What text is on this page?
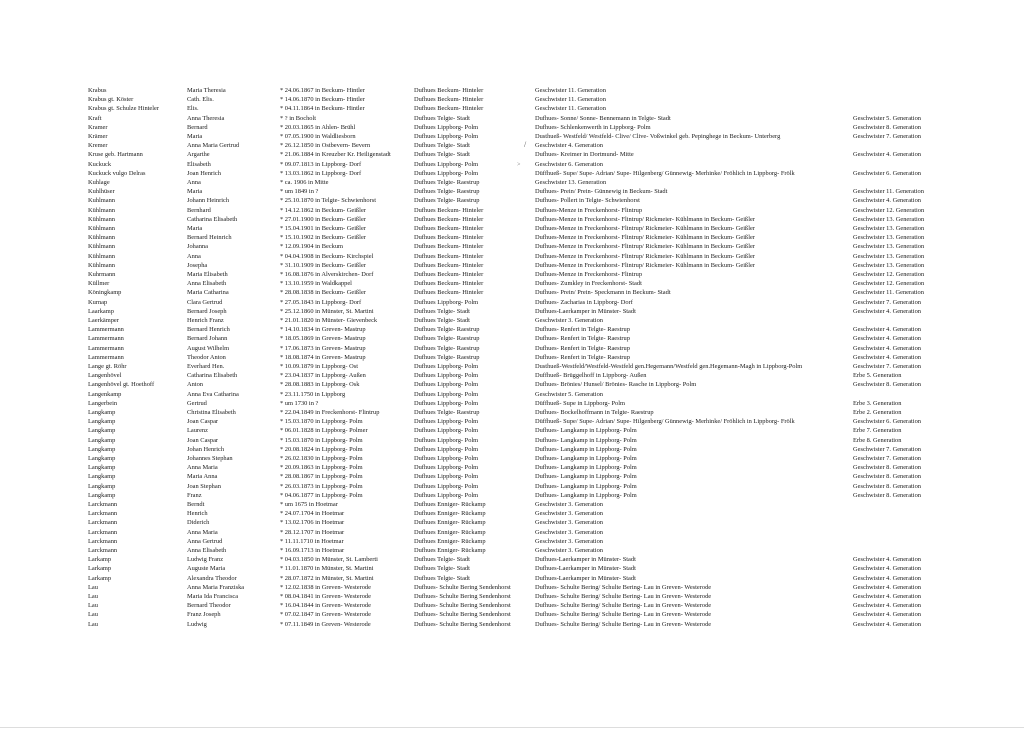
Krabus	Maria Theresia	* 24.06.1867 in Beckum- Hintler	Dufhues Beckum- Hinteler	Geschwister 11. Generation
Krabus gt. Köster	Cath. Elis.	* 14.06.1870 in Beckum- Hintler	Dufhues Beckum- Hinteler	Geschwister 11. Generation
Krabus gt. Schulze Hinteler	Elis.	* 04.11.1864 in Beckum- Hintler	Dufhues Beckum- Hinteler	Geschwister 11. Generation
Kraft	Anna Theresia	* ? in Bocholt	Dufhues Telgte- Stadt	Dufhues- Sonne/ Sonne- Bennemann in Telgte- Stadt	Geschwister 5. Generation
Kramer	Bernard	* 20.03.1865 in Ahlen- Brühl	Dufhues Lippborg- Polm	Dufhues- Schlenkenwerth in Lippborg- Polm	Geschwister 8. Generation
Krämer	Maria	* 07.05.1900 in Waldliesborn	Dufhues Lippborg- Polm	Dusthueß- Westfeld/ Westfeld- Clive/ Clive- Voßwinkel geb. Pepinghege in Beckum- Unterberg	Geschwister 7. Generation
Kremer	Anna Maria Gertrud	* 26.12.1850 in Ostbevern- Bevern	Dufhues Telgte- Stadt	Geschwister 4. Generation
Kruse geb. Hartmann	Argarthe	* 21.06.1884 in Kreuzber Kr. Heiligenstadt	Dufhues Telgte- Stadt	Dufhues- Kreimer in Dortmund- Mitte	Geschwister 4. Generation
Kuckuck	Elisabeth	* 09.07.1813 in Lippborg- Dorf	Dufhues Lippborg- Polm	Geschwister 6. Generation
Kuckuck vulgo Delras	Joan Henrich	* 13.03.1862 in Lippborg- Dorf	Dufhues Lippborg- Polm	Düffhueß- Supe/ Supe- Adrian/ Supe- Hilgenberg/ Günnewig- Merhinke/ Fröhlich in Lippborg- Frölk	Geschwister 6. Generation
Kuhlage	Anna	* ca. 1906 in Mitte	Dufhues Telgte- Raestrup	Geschwister 13. Generation
Kuhlhüser	Maria	* um 1849 in ?	Dufhues Telgte- Raestrup	Dufhues- Prein/ Prein- Günnewig in Beckum- Stadt	Geschwister 11. Generation
Kuhlmann	Johann Heinrich	* 25.10.1870 in Telgte- Schwienhorst	Dufhues Telgte- Raestrup	Dufhues- Pollert in Telgte- Schwienhorst	Geschwister 4. Generation
Kühlmann	Bernhard	* 14.12.1862 in Beckum- Geißler	Dufhues Beckum- Hinteler	Dufhues-Menze in Freckenhorst- Flintrup	Geschwister 12. Generation
Kühlmann	Catharina Elisabeth	* 27.01.1900 in Beckum- Geißler	Dufhues Beckum- Hinteler	Dufhues-Menze in Freckenhorst- Flintrup/ Rickmeier- Kühlmann in Beckum- Geißler	Geschwister 13. Generation
Kühlmann	Maria	* 15.04.1901 in Beckum- Geißler	Dufhues Beckum- Hinteler	Dufhues-Menze in Freckenhorst- Flintrup/ Rickmeier- Kühlmann in Beckum- Geißler	Geschwister 13. Generation
Kühlmann	Bernard Heinrich	* 15.10.1902 in Beckum- Geißler	Dufhues Beckum- Hinteler	Dufhues-Menze in Freckenhorst- Flintrup/ Rickmeier- Kühlmann in Beckum- Geißler	Geschwister 13. Generation
Kühlmann	Johanna	* 12.09.1904 in Beckum	Dufhues Beckum- Hinteler	Dufhues-Menze in Freckenhorst- Flintrup/ Rickmeier- Kühlmann in Beckum- Geißler	Geschwister 13. Generation
Kühlmann	Anna	* 04.04.1908 in Beckum- Kirchspiel	Dufhues Beckum- Hinteler	Dufhues-Menze in Freckenhorst- Flintrup/ Rickmeier- Kühlmann in Beckum- Geißler	Geschwister 13. Generation
Kühlmann	Josepha	* 31.10.1909 in Beckum- Geißler	Dufhues Beckum- Hinteler	Dufhues-Menze in Freckenhorst- Flintrup/ Rickmeier- Kühlmann in Beckum- Geißler	Geschwister 13. Generation
Kuhrmann	Maria Elisabeth	* 16.08.1876 in Alverskirchen- Dorf	Dufhues Beckum- Hinteler	Dufhues-Menze in Freckenhorst- Flintrup	Geschwister 12. Generation
Küllmer	Anna Elisabeth	* 13.10.1959 in Waldkappel	Dufhues Beckum- Hinteler	Dufhues- Zumkley in Freckenhorst- Stadt	Geschwister 12. Generation
Köningkamp	Maria Catharina	* 28.08.1838 in Beckum- Geißler	Dufhues Beckum- Hinteler	Dufhues- Prein/ Prein- Speckmann in Beckum- Stadt	Geschwister 11. Generation
Kurnap	Clara Gertrud	* 27.05.1843 in Lippborg- Dorf	Dufhues Lippborg- Polm	Dufhues- Zacharias in Lippborg- Dorf	Geschwister 7. Generation
Laarkamp	Bernard Joseph	* 25.12.1860 in Münster, St. Martini	Dufhues Telgte- Stadt	Dufhues-Laerkamper in Münster- Stadt	Geschwister 4. Generation
Laerkämper	Henrich Franz	* 21.01.1820 in Münster- Gievenbeck	Dufhues Telgte- Stadt	Geschwister 3. Generation
Lammermann	Bernard Henrich	* 14.10.1834 in Greven- Mastrup	Dufhues Telgte- Raestrup	Dufhues- Renfert in Telgte- Raestrup	Geschwister 4. Generation
Lammermann	Bernard Johann	* 18.05.1869 in Greven- Mastrup	Dufhues Telgte- Raestrup	Dufhues- Renfert in Telgte- Raestrup	Geschwister 4. Generation
Lammermann	August Wilhelm	* 17.06.1873 in Greven- Mastrup	Dufhues Telgte- Raestrup	Dufhues- Renfert in Telgte- Raestrup	Geschwister 4. Generation
Lammermann	Theodor Anton	* 18.08.1874 in Greven- Mastrup	Dufhues Telgte- Raestrup	Dufhues- Renfert in Telgte- Raestrup	Geschwister 4. Generation
Lange gt. Röhr	Everhard Hen.	* 10.09.1879 in Lippborg- Ost	Dufhues Lippborg- Polm	Dusthueß-Westfeld/Westfeld-Westfeld gen.Hegemann/Westfeld gen.Hegemann-Magh in Lippborg-Polm	Geschwister 7. Generation
Langenhövel	Catharina Elisabeth	* 23.04.1837 in Lippborg- Außen	Dufhues Lippborg- Polm	Duffhueß- Brüggelhoff in Lippborg- Außen	Erbe 5. Generation
Langenhövel gt. Hoethoff	Anton	* 28.08.1883 in Lippborg- Osk	Dufhues Lippborg- Polm	Dufhues- Brönies/ Hunsel/ Brönies- Rasche in Lippborg- Polm	Geschwister 8. Generation
Langenkamp	Anna Eva Catharina	* 23.11.1750 in Lippborg	Dufhues Lippborg- Polm	Geschwister 5. Generation
Langerbein	Gertrud	* um 1730 in ?	Dufhues Lippborg- Polm	Düffhueß- Supe in Lippborg- Polm	Erbe 3. Generation
Langkamp	Christina Elisabeth	* 22.04.1849 in Freckenhorst- Flintrup	Dufhues Telgte- Raestrup	Dufhues- Bockelhoffmann in Telgte- Raestrup	Erbe 2. Generation
Langkamp	Joan Caspar	* 15.03.1870 in Lippborg- Polm	Dufhues Lippborg- Polm	Düffhueß- Supe/ Supe- Adrian/ Supe- Hilgenberg/ Günnewig- Merhinke/ Fröhlich in Lippborg- Frölk	Geschwister 6. Generation
Langkamp	Laurenz	* 06.01.1828 in Lippborg- Polmer	Dufhues Lippborg- Polm	Dufhues- Langkamp in Lippborg- Polm	Erbe 7. Generation
Langkamp	Joan Caspar	* 15.03.1870 in Lippborg- Polm	Dufhues Lippborg- Polm	Dufhues- Langkamp in Lippborg- Polm	Erbe 8. Generation
Langkamp	Johan Henrich	* 20.08.1824 in Lippborg- Polm	Dufhues Lippborg- Polm	Dufhues- Langkamp in Lippborg- Polm	Geschwister 7. Generation
Langkamp	Johannes Stephan	* 26.02.1830 in Lippborg- Polm	Dufhues Lippborg- Polm	Dufhues- Langkamp in Lippborg- Polm	Geschwister 7. Generation
Langkamp	Anna Maria	* 20.09.1863 in Lippborg- Polm	Dufhues Lippborg- Polm	Dufhues- Langkamp in Lippborg- Polm	Geschwister 8. Generation
Langkamp	Maria Anna	* 28.08.1867 in Lippborg- Polm	Dufhues Lippborg- Polm	Dufhues- Langkamp in Lippborg- Polm	Geschwister 8. Generation
Langkamp	Joan Stephan	* 26.03.1873 in Lippborg- Polm	Dufhues Lippborg- Polm	Dufhues- Langkamp in Lippborg- Polm	Geschwister 8. Generation
Langkamp	Franz	* 04.06.1877 in Lippborg- Polm	Dufhues Lippborg- Polm	Dufhues- Langkamp in Lippborg- Polm	Geschwister 8. Generation
Larckmann	Berndt	* um 1675 in Hoetmar	Dufhues Enniger- Rückamp	Geschwister 3. Generation
Larckmann	Henrich	* 24.07.1704 in Hoetmar	Dufhues Enniger- Rückamp	Geschwister 3. Generation
Larckmann	Diderich	* 13.02.1706 in Hoetmar	Dufhues Enniger- Rückamp	Geschwister 3. Generation
Larckmann	Anna Maria	* 28.12.1707 in Hoetmar	Dufhues Enniger- Rückamp	Geschwister 3. Generation
Larckmann	Anna Gertrud	* 11.11.1710 in Hoetmar	Dufhues Enniger- Rückamp	Geschwister 3. Generation
Larckmann	Anna Elisabeth	* 16.09.1713 in Hoetmar	Dufhues Enniger- Rückamp	Geschwister 3. Generation
Larkamp	Ludwig Franz	* 04.03.1850 in Münster, St. Lamberti	Dufhues Telgte- Stadt	Dufhues-Laerkamper in Münster- Stadt	Geschwister 4. Generation
Larkamp	Auguste Maria	* 11.01.1870 in Münster, St. Martini	Dufhues Telgte- Stadt	Dufhues-Laerkamper in Münster- Stadt	Geschwister 4. Generation
Larkamp	Alexandra Theodor	* 28.07.1872 in Münster, St. Martini	Dufhues Telgte- Stadt	Dufhues-Laerkamper in Münster- Stadt	Geschwister 4. Generation
Lau	Anna Maria Franziska	* 12.02.1838 in Greven- Westerode	Dufhues- Schulte Bering Sendenhorst	Dufhues- Schulte Bering/ Schulte Bering- Lau in Greven- Westerode	Geschwister 4. Generation
Lau	Maria Ida Francisca	* 08.04.1841 in Greven- Westerode	Dufhues- Schulte Bering Sendenhorst	Dufhues- Schulte Bering/ Schulte Bering- Lau in Greven- Westerode	Geschwister 4. Generation
Lau	Bernard Theodor	* 16.04.1844 in Greven- Westerode	Dufhues- Schulte Bering Sendenhorst	Dufhues- Schulte Bering/ Schulte Bering- Lau in Greven- Westerode	Geschwister 4. Generation
Lau	Franz Joseph	* 07.02.1847 in Greven- Westerode	Dufhues- Schulte Bering Sendenhorst	Dufhues- Schulte Bering/ Schulte Bering- Lau in Greven- Westerode	Geschwister 4. Generation
Lau	Ludwig	* 07.11.1849 in Greven- Westerode	Dufhues- Schulte Bering Sendenhorst	Dufhues- Schulte Bering/ Schulte Bering- Lau in Greven- Westerode	Geschwister 4. Generation
/
>
